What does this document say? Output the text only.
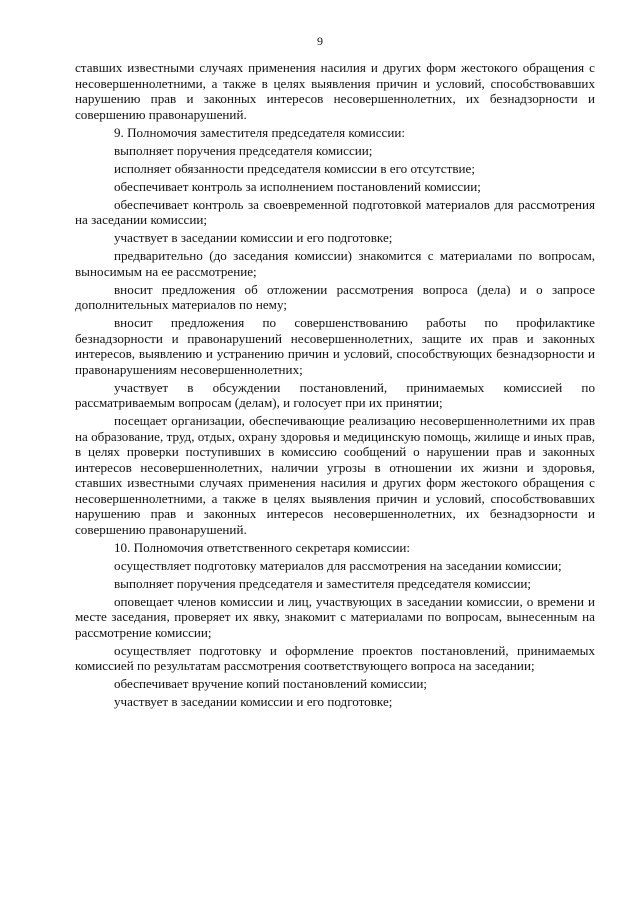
9

ставших известными случаях применения насилия и других форм жестокого обращения с несовершеннолетними, а также в целях выявления причин и условий, способствовавших нарушению прав и законных интересов несовершеннолетних, их безнадзорности и совершению правонарушений.

9. Полномочия заместителя председателя комиссии:

выполняет поручения председателя комиссии;

исполняет обязанности председателя комиссии в его отсутствие;

обеспечивает контроль за исполнением постановлений комиссии;

обеспечивает контроль за своевременной подготовкой материалов для рассмотрения на заседании комиссии;

участвует в заседании комиссии и его подготовке;

предварительно (до заседания комиссии) знакомится с материалами по вопросам, выносимым на ее рассмотрение;

вносит предложения об отложении рассмотрения вопроса (дела) и о запросе дополнительных материалов по нему;

вносит предложения по совершенствованию работы по профилактике безнадзорности и правонарушений несовершеннолетних, защите их прав и законных интересов, выявлению и устранению причин и условий, способствующих безнадзорности и правонарушениям несовершеннолетних;

участвует в обсуждении постановлений, принимаемых комиссией по рассматриваемым вопросам (делам), и голосует при их принятии;

посещает организации, обеспечивающие реализацию несовершеннолетними их прав на образование, труд, отдых, охрану здоровья и медицинскую помощь, жилище и иных прав, в целях проверки поступивших в комиссию сообщений о нарушении прав и законных интересов несовершеннолетних, наличии угрозы в отношении их жизни и здоровья, ставших известными случаях применения насилия и других форм жестокого обращения с несовершеннолетними, а также в целях выявления причин и условий, способствовавших нарушению прав и законных интересов несовершеннолетних, их безнадзорности и совершению правонарушений.

10. Полномочия ответственного секретаря комиссии:

осуществляет подготовку материалов для рассмотрения на заседании комиссии;

выполняет поручения председателя и заместителя председателя комиссии;

оповещает членов комиссии и лиц, участвующих в заседании комиссии, о времени и месте заседания, проверяет их явку, знакомит с материалами по вопросам, вынесенным на рассмотрение комиссии;

осуществляет подготовку и оформление проектов постановлений, принимаемых комиссией по результатам рассмотрения соответствующего вопроса на заседании;

обеспечивает вручение копий постановлений комиссии;

участвует в заседании комиссии и его подготовке;
